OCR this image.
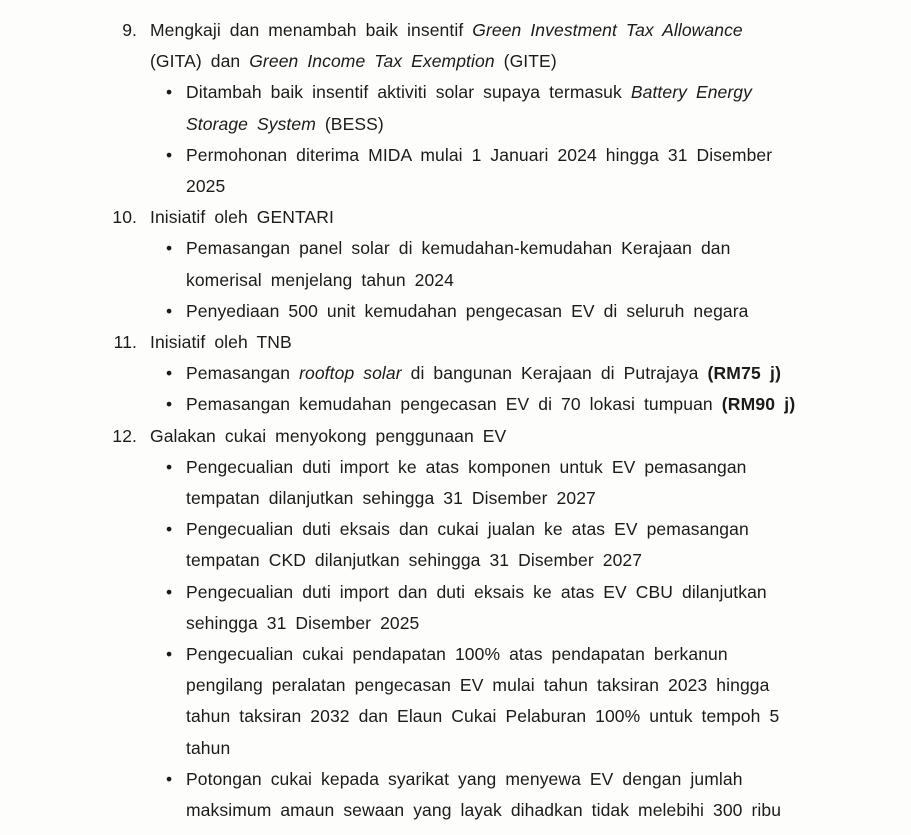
9. Mengkaji dan menambah baik insentif Green Investment Tax Allowance
(GITA) dan Green Income Tax Exemption (GITE)
• Ditambah baik insentif aktiviti solar supaya termasuk Battery Energy
Storage System (BESS)
• Permohonan diterima MIDA mulai 1 Januari 2024 hingga 31 Disember
2025
10. Inisiatif oleh GENTARI
• Pemasangan panel solar di kemudahan-kemudahan Kerajaan dan
komerisal menjelang tahun 2024
• Penyediaan 500 unit kemudahan pengecasan EV di seluruh negara
11. Inisiatif oleh TNB
• Pemasangan rooftop solar di bangunan Kerajaan di Putrajaya (RM75 j)
• Pemasangan kemudahan pengecasan EV di 70 lokasi tumpuan (RM90 j)
12. Galakan cukai menyokong penggunaan EV
• Pengecualian duti import ke atas komponen untuk EV pemasangan
tempatan dilanjutkan sehingga 31 Disember 2027
• Pengecualian duti eksais dan cukai jualan ke atas EV pemasangan
tempatan CKD dilanjutkan sehingga 31 Disember 2027
• Pengecualian duti import dan duti eksais ke atas EV CBU dilanjutkan
sehingga 31 Disember 2025
• Pengecualian cukai pendapatan 100% atas pendapatan berkanun
pengilang peralatan pengecasan EV mulai tahun taksiran 2023 hingga
tahun taksiran 2032 dan Elaun Cukai Pelaburan 100% untuk tempoh 5
tahun
• Potongan cukai kepada syarikat yang menyewa EV dengan jumlah
maksimum amaun sewaan yang layak dihadkan tidak melebihi 300 ribu
